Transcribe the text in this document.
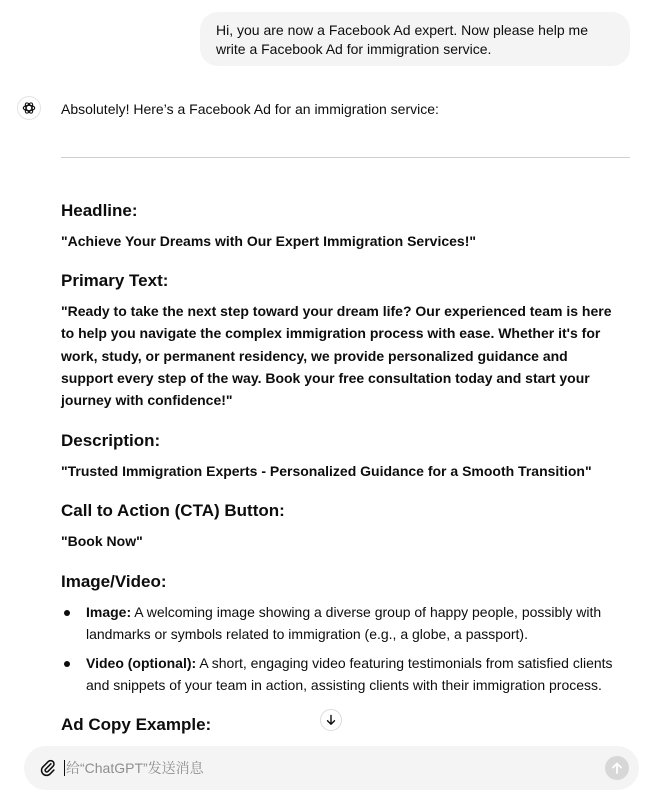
Hi, you are now a Facebook Ad expert. Now please help me write a Facebook Ad for immigration service.
Absolutely! Here’s a Facebook Ad for an immigration service:
Headline:
"Achieve Your Dreams with Our Expert Immigration Services!"
Primary Text:
"Ready to take the next step toward your dream life? Our experienced team is here to help you navigate the complex immigration process with ease. Whether it's for work, study, or permanent residency, we provide personalized guidance and support every step of the way. Book your free consultation today and start your journey with confidence!"
Description:
"Trusted Immigration Experts - Personalized Guidance for a Smooth Transition"
Call to Action (CTA) Button:
"Book Now"
Image/Video:
Image: A welcoming image showing a diverse group of happy people, possibly with landmarks or symbols related to immigration (e.g., a globe, a passport).
Video (optional): A short, engaging video featuring testimonials from satisfied clients and snippets of your team in action, assisting clients with their immigration process.
Ad Copy Example:
给“ChatGPT”发送消息
